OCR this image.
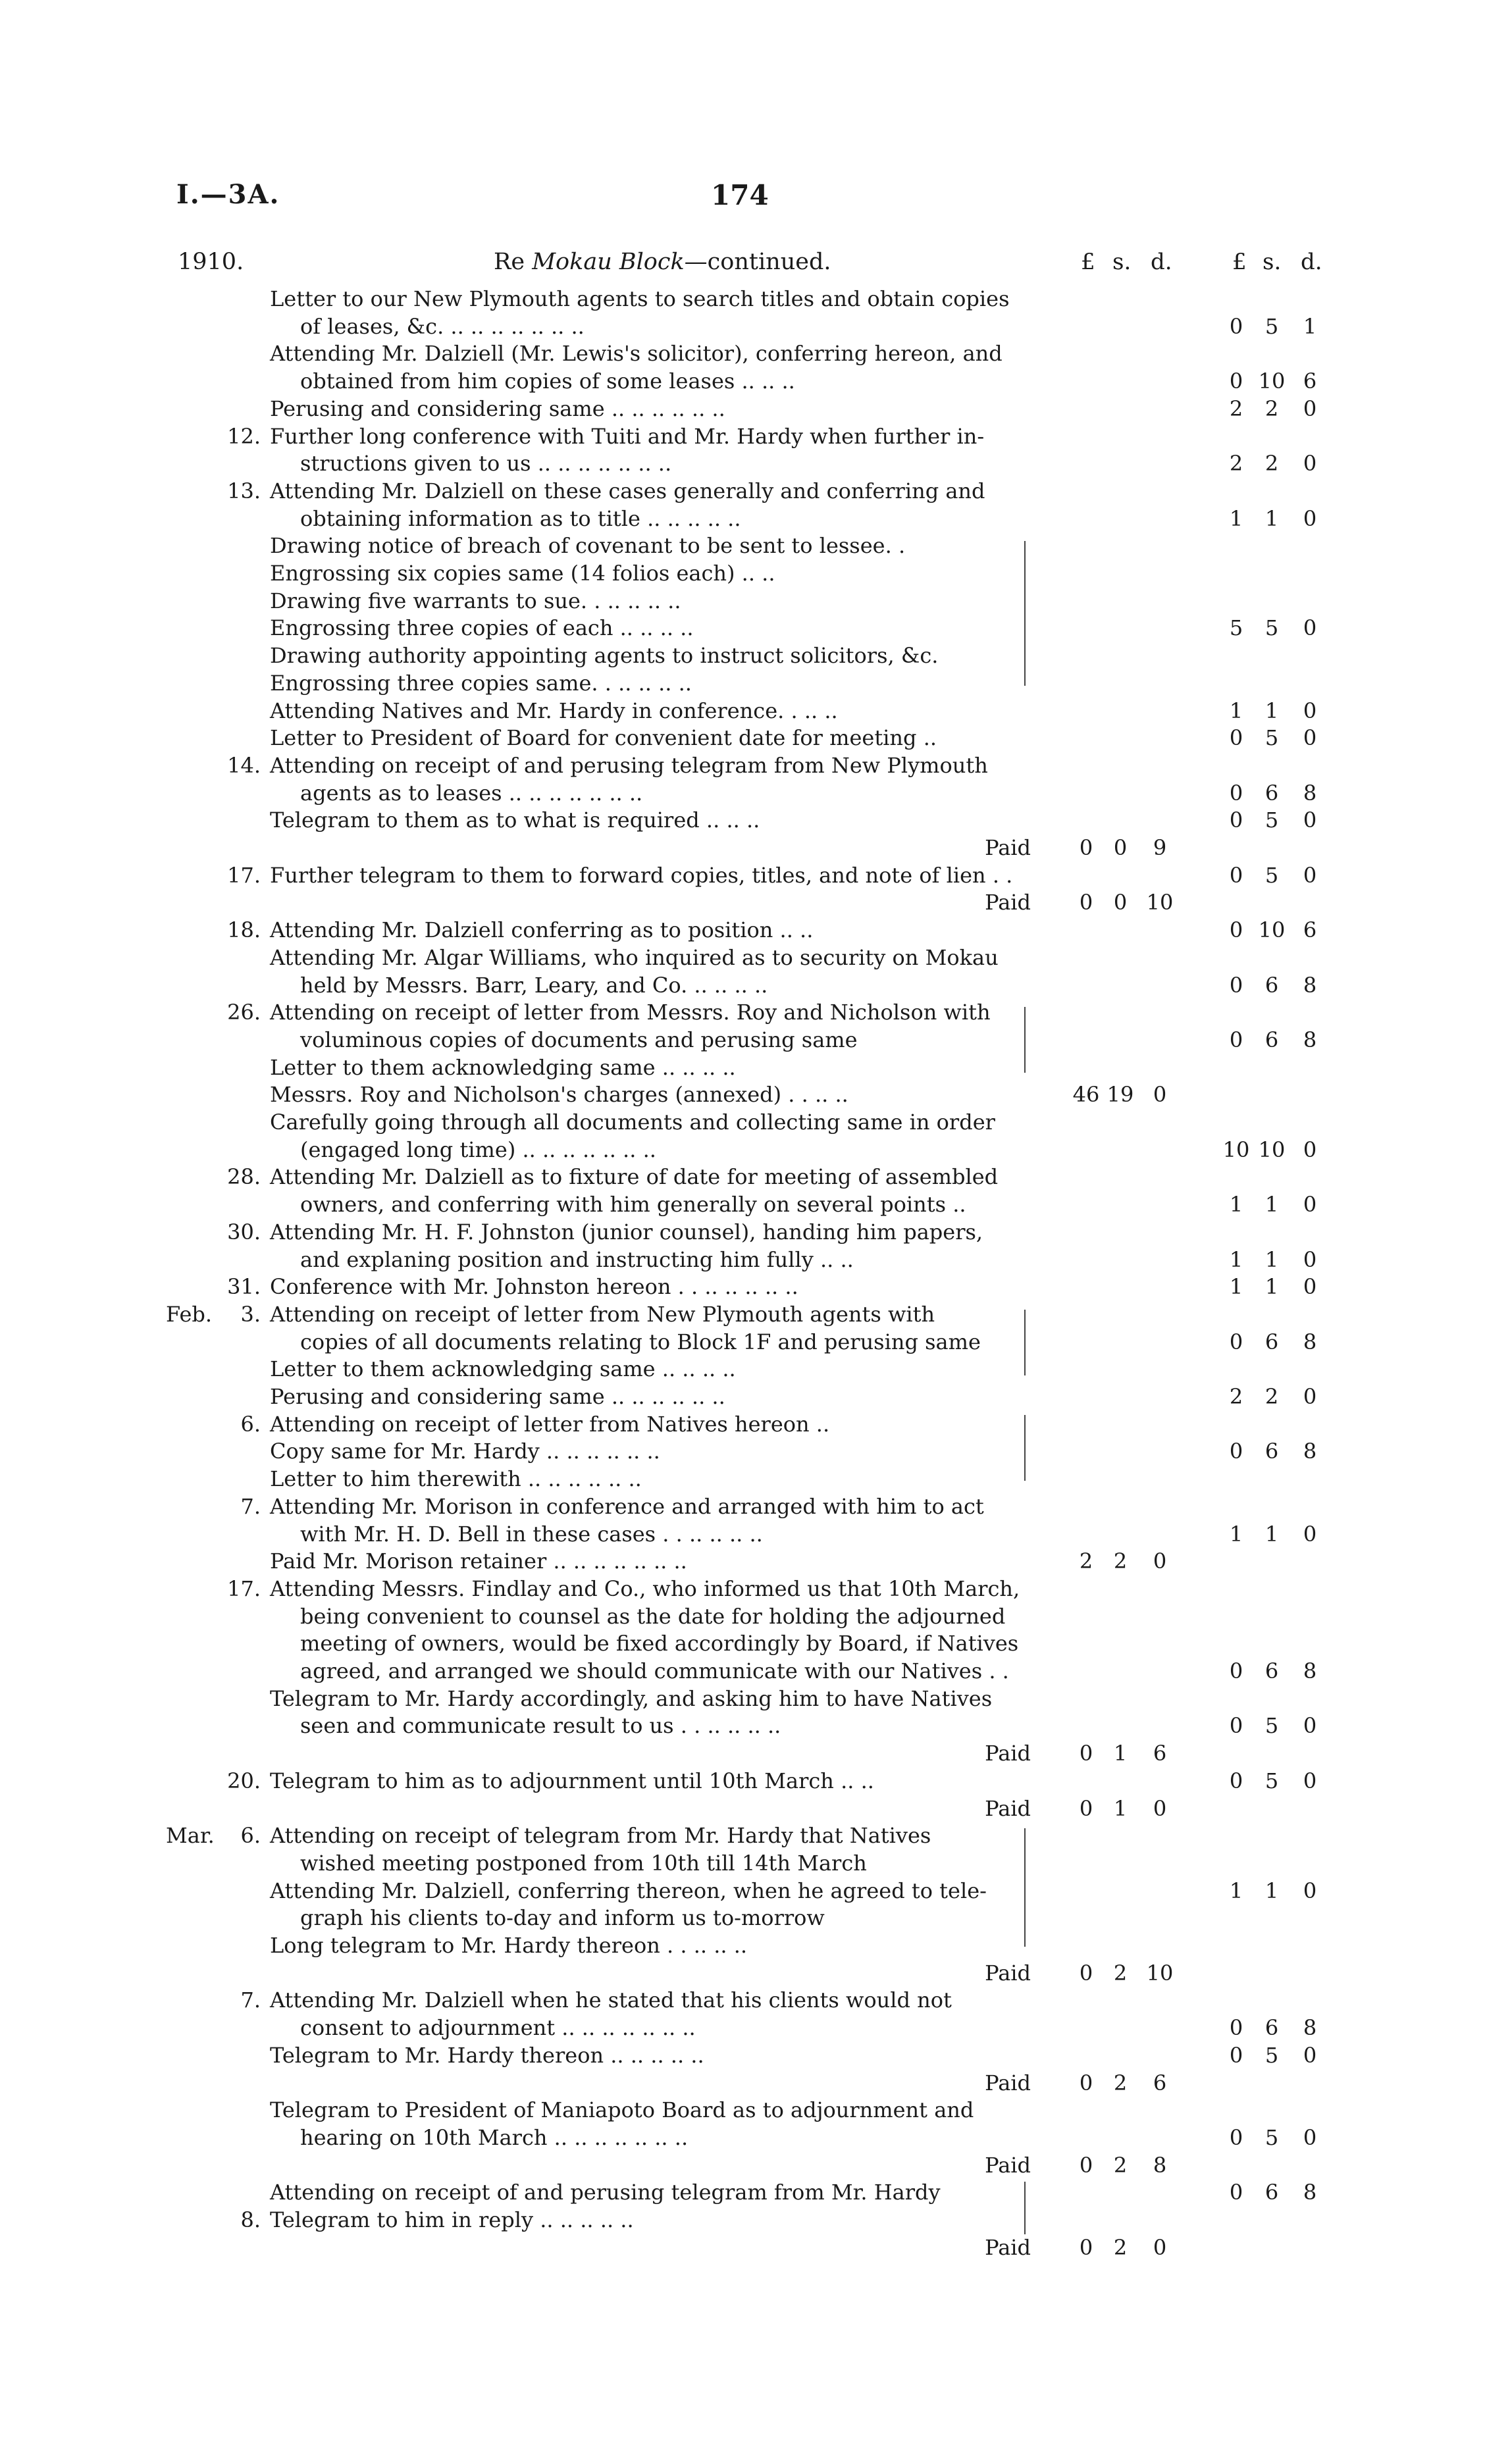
I.—3A.	174
1910.	Re Mokau Block—continued.	£ s. d.	£ s. d.
Letter to our New Plymouth agents to search titles and obtain copies
of leases, &c. .. .. .. .. .. .. ..	0	5	1
Attending Mr. Dalziell (Mr. Lewis's solicitor), conferring hereon, and
obtained from him copies of some leases .. .. ..	0 10 6
Perusing and considering same .. .. .. .. .. ..	2	2	0
12. Further long conference with Tuiti and Mr. Hardy when further in-
structions given to us .. .. .. .. .. .. ..	2	2	0
13. Attending Mr. Dalziell on these cases generally and conferring and
obtaining information as to title .. .. .. .. ..	1	1	0
Drawing notice of breach of covenant to be sent to lessee. .
Engrossing six copies same (14 folios each) .. ..
Drawing five warrants to sue. . .. .. .. ..
Engrossing three copies of each .. .. .. ..	5	5	0
Drawing authority appointing agents to instruct solicitors, &c.
Engrossing three copies same. . .. .. .. ..
Attending Natives and Mr. Hardy in conference. . .. ..	1	1	0
Letter to President of Board for convenient date for meeting ..	0	5	0
14. Attending on receipt of and perusing telegram from New Plymouth
agents as to leases .. .. .. .. .. .. ..	0	6	8
Telegram to them as to what is required .. .. ..	0	5	0
Paid	0 0	9
17. Further telegram to them to forward copies, titles, and note of lien . .	0	5	0
Paid	0 0 10
18. Attending Mr. Dalziell conferring as to position .. ..	0 10 6
Attending Mr. Algar Williams, who inquired as to security on Mokau
held by Messrs. Barr, Leary, and Co. .. .. .. ..	0	6	8
26. Attending on receipt of letter from Messrs. Roy and Nicholson with
voluminous copies of documents and perusing same	0	6	8
Letter to them acknowledging same .. .. .. ..
Messrs. Roy and Nicholson's charges (annexed) . . .. ..	46 19 0
Carefully going through all documents and collecting same in order
(engaged long time) .. .. .. .. .. .. ..	10 10 0
28. Attending Mr. Dalziell as to fixture of date for meeting of assembled
owners, and conferring with him generally on several points ..	1	1	0
30. Attending Mr. H. F. Johnston (junior counsel), handing him papers,
and explaning position and instructing him fully .. ..	1	1	0
31. Conference with Mr. Johnston hereon . . .. .. .. .. ..	1	1	0
Feb. 3. Attending on receipt of letter from New Plymouth agents with
copies of all documents relating to Block 1F and perusing same	0	6	8
Letter to them acknowledging same .. .. .. ..
Perusing and considering same .. .. .. .. .. ..	2	2	0
6. Attending on receipt of letter from Natives hereon ..
Copy same for Mr. Hardy .. .. .. .. .. ..	0	6	8
Letter to him therewith .. .. .. .. .. ..
7. Attending Mr. Morison in conference and arranged with him to act
with Mr. H. D. Bell in these cases . . .. .. .. ..	1	1	0
Paid Mr. Morison retainer .. .. .. .. .. .. ..	2 2	0
17. Attending Messrs. Findlay and Co., who informed us that 10th March,
being convenient to counsel as the date for holding the adjourned
meeting of owners, would be fixed accordingly by Board, if Natives
agreed, and arranged we should communicate with our Natives . .	0	6	8
Telegram to Mr. Hardy accordingly, and asking him to have Natives
seen and communicate result to us . . .. .. .. ..	0	5	0
Paid	0 1	6
20. Telegram to him as to adjournment until 10th March .. ..	0	5	0
Paid	0 1	0
Mar. 6. Attending on receipt of telegram from Mr. Hardy that Natives
wished meeting postponed from 10th till 14th March
Attending Mr. Dalziell, conferring thereon, when he agreed to tele-	1	1	0
graph his clients to-day and inform us to-morrow
Long telegram to Mr. Hardy thereon . . .. .. ..
Paid	0 2 10
7. Attending Mr. Dalziell when he stated that his clients would not
consent to adjournment .. .. .. .. .. .. ..	0	6	8
Telegram to Mr. Hardy thereon .. .. .. .. ..	0	5	0
Paid	0 2	6
Telegram to President of Maniapoto Board as to adjournment and
hearing on 10th March .. .. .. .. .. .. ..	0	5	0
Paid	0 2	8
Attending on receipt of and perusing telegram from Mr. Hardy	0	6	8
8. Telegram to him in reply .. .. .. .. ..
Paid	0 2	0
